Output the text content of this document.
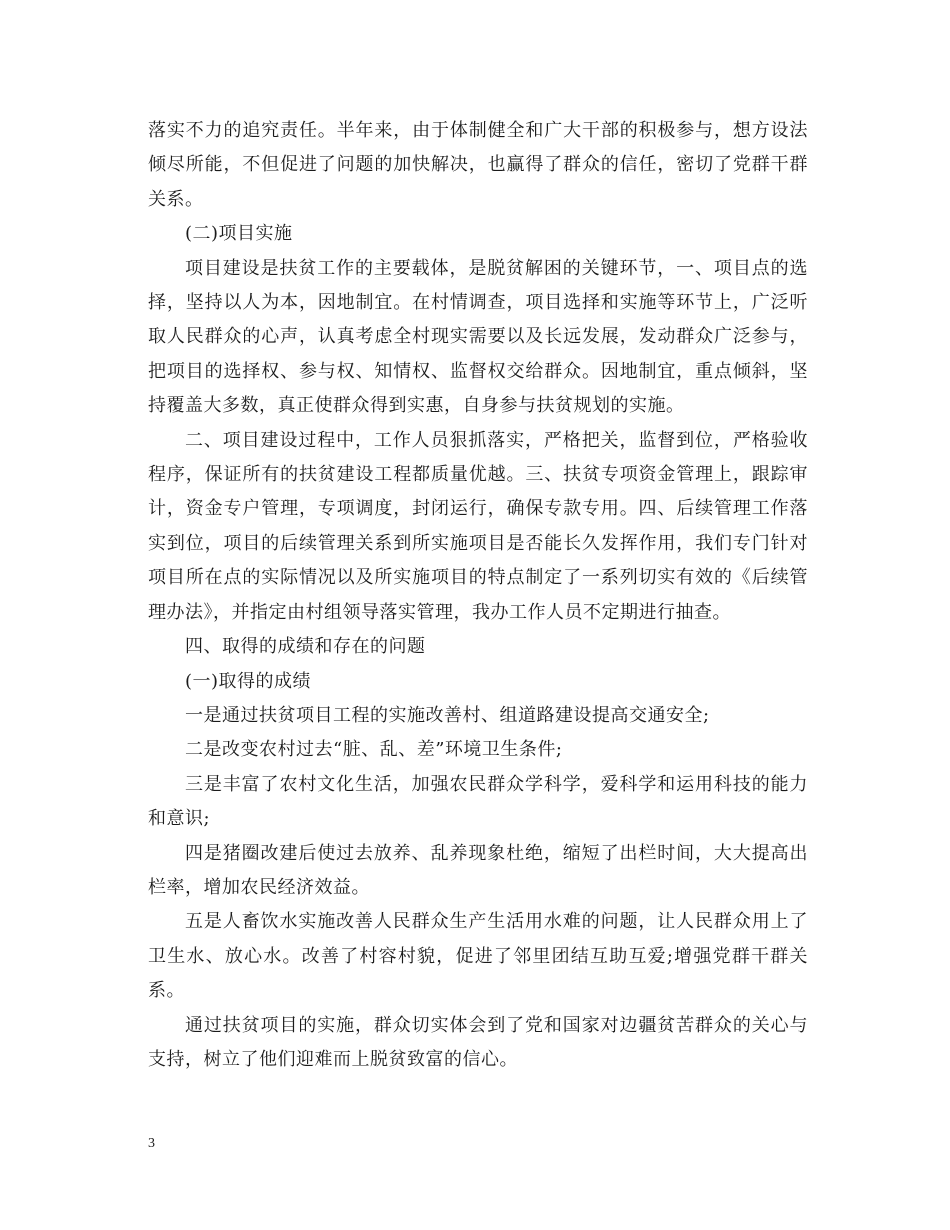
落实不力的追究责任。半年来，由于体制健全和广大干部的积极参与，想方设法倾尽所能，不但促进了问题的加快解决，也赢得了群众的信任，密切了党群干群关系。

(二)项目实施

项目建设是扶贫工作的主要载体，是脱贫解困的关键环节，一、项目点的选择，坚持以人为本，因地制宜。在村情调查，项目选择和实施等环节上，广泛听取人民群众的心声，认真考虑全村现实需要以及长远发展，发动群众广泛参与，把项目的选择权、参与权、知情权、监督权交给群众。因地制宜，重点倾斜，坚持覆盖大多数，真正使群众得到实惠，自身参与扶贫规划的实施。

二、项目建设过程中，工作人员狠抓落实，严格把关，监督到位，严格验收程序，保证所有的扶贫建设工程都质量优越。三、扶贫专项资金管理上，跟踪审计，资金专户管理，专项调度，封闭运行，确保专款专用。四、后续管理工作落实到位，项目的后续管理关系到所实施项目是否能长久发挥作用，我们专门针对项目所在点的实际情况以及所实施项目的特点制定了一系列切实有效的《后续管理办法》，并指定由村组领导落实管理，我办工作人员不定期进行抽查。

四、取得的成绩和存在的问题

(一)取得的成绩

一是通过扶贫项目工程的实施改善村、组道路建设提高交通安全;

二是改变农村过去“脏、乱、差”环境卫生条件;

三是丰富了农村文化生活，加强农民群众学科学，爱科学和运用科技的能力和意识;

四是猪圈改建后使过去放养、乱养现象杜绝，缩短了出栏时间，大大提高出栏率，增加农民经济效益。

五是人畜饮水实施改善人民群众生产生活用水难的问题，让人民群众用上了卫生水、放心水。改善了村容村貌，促进了邻里团结互助互爱;增强党群干群关系。

通过扶贫项目的实施，群众切实体会到了党和国家对边疆贫苦群众的关心与支持，树立了他们迎难而上脱贫致富的信心。

3
